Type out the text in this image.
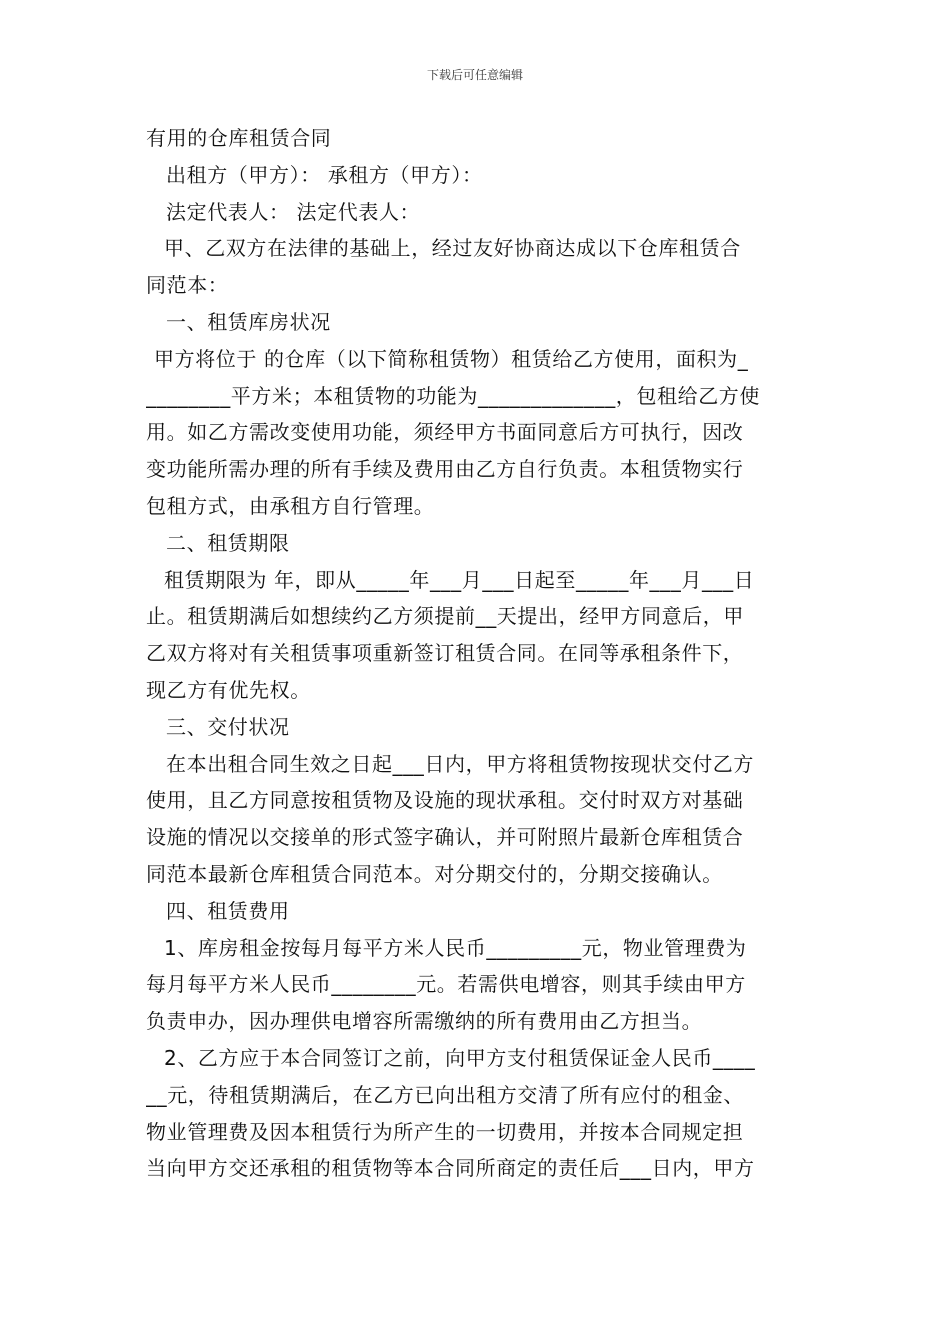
下载后可任意编辑
有用的仓库租赁合同
出租方（甲方）： 承租方（甲方）：
法定代表人： 法定代表人：
甲、乙双方在法律的基础上，经过友好协商达成以下仓库租赁合
同范本：
一、租赁库房状况
甲方将位于 的仓库（以下简称租赁物）租赁给乙方使用，面积为_
________平方米；本租赁物的功能为_____________，包租给乙方使
用。如乙方需改变使用功能，须经甲方书面同意后方可执行，因改
变功能所需办理的所有手续及费用由乙方自行负责。本租赁物实行
包租方式，由承租方自行管理。
二、租赁期限
租赁期限为 年，即从_____年___月___日起至_____年___月___日
止。租赁期满后如想续约乙方须提前__天提出，经甲方同意后，甲
乙双方将对有关租赁事项重新签订租赁合同。在同等承租条件下，
现乙方有优先权。
三、交付状况
在本出租合同生效之日起___日内，甲方将租赁物按现状交付乙方
使用，且乙方同意按租赁物及设施的现状承租。交付时双方对基础
设施的情况以交接单的形式签字确认，并可附照片最新仓库租赁合
同范本最新仓库租赁合同范本。对分期交付的，分期交接确认。
四、租赁费用
1、库房租金按每月每平方米人民币_________元，物业管理费为
每月每平方米人民币________元。若需供电增容，则其手续由甲方
负责申办，因办理供电增容所需缴纳的所有费用由乙方担当。
2、乙方应于本合同签订之前，向甲方支付租赁保证金人民币____
__元，待租赁期满后，在乙方已向出租方交清了所有应付的租金、
物业管理费及因本租赁行为所产生的一切费用，并按本合同规定担
当向甲方交还承租的租赁物等本合同所商定的责任后___日内，甲方
